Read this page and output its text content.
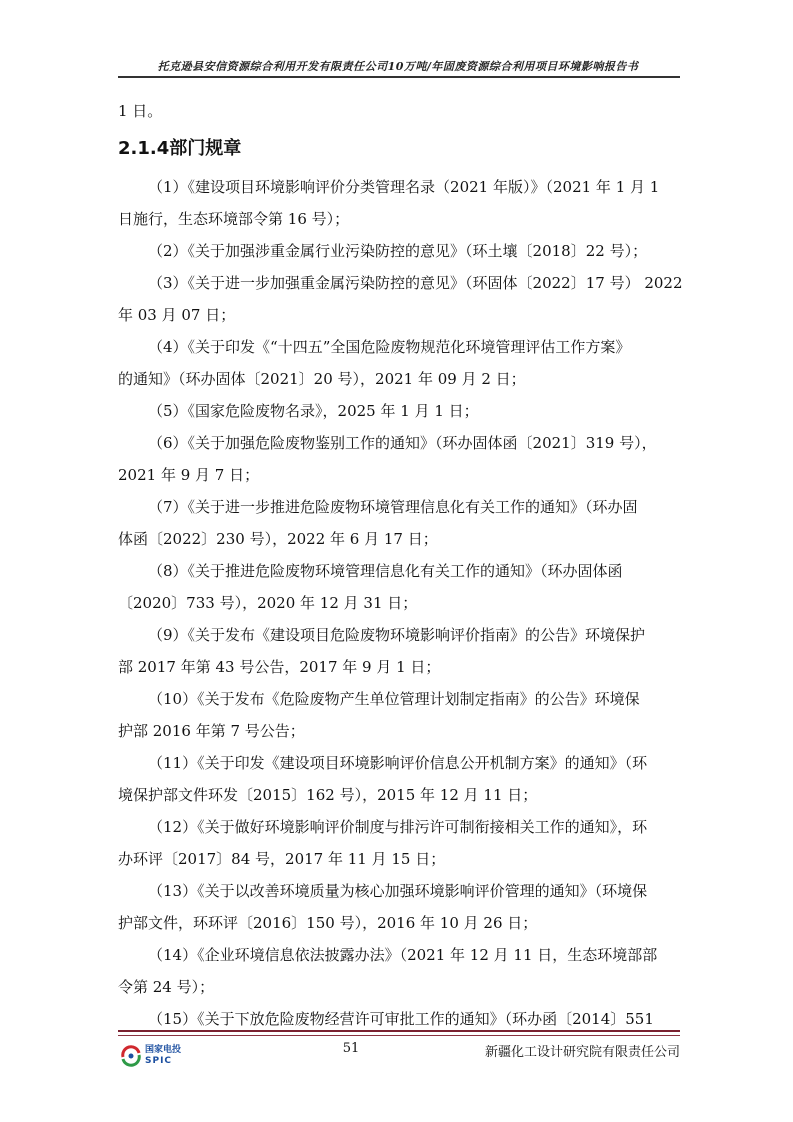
托克逊县安信资源综合利用开发有限责任公司10万吨/年固废资源综合利用项目环境影响报告书
1 日。
2.1.4部门规章
（1）《建设项目环境影响评价分类管理名录（2021 年版）》（2021 年 1 月 1
日施行，生态环境部令第 16 号）；
（2）《关于加强涉重金属行业污染防控的意见》（环土壤〔2018〕22 号）；
（3）《关于进一步加强重金属污染防控的意见》（环固体〔2022〕17 号） 2022
年 03 月 07 日；
（4）《关于印发《“十四五”全国危险废物规范化环境管理评估工作方案》
的通知》（环办固体〔2021〕20 号），2021 年 09 月 2 日；
（5）《国家危险废物名录》，2025 年 1 月 1 日；
（6）《关于加强危险废物鉴别工作的通知》（环办固体函〔2021〕319 号），
2021 年 9 月 7 日；
（7）《关于进一步推进危险废物环境管理信息化有关工作的通知》（环办固
体函〔2022〕230 号），2022 年 6 月 17 日；
（8）《关于推进危险废物环境管理信息化有关工作的通知》（环办固体函
〔2020〕733 号），2020 年 12 月 31 日；
（9）《关于发布《建设项目危险废物环境影响评价指南》的公告》环境保护
部 2017 年第 43 号公告，2017 年 9 月 1 日；
（10）《关于发布《危险废物产生单位管理计划制定指南》的公告》环境保
护部 2016 年第 7 号公告；
（11）《关于印发《建设项目环境影响评价信息公开机制方案》的通知》（环
境保护部文件环发〔2015〕162 号），2015 年 12 月 11 日；
（12）《关于做好环境影响评价制度与排污许可制衔接相关工作的通知》，环
办环评〔2017〕84 号，2017 年 11 月 15 日；
（13）《关于以改善环境质量为核心加强环境影响评价管理的通知》（环境保
护部文件，环环评〔2016〕150 号），2016 年 10 月 26 日；
（14）《企业环境信息依法披露办法》（2021 年 12 月 11 日，生态环境部部
令第 24 号）；
（15）《关于下放危险废物经营许可审批工作的通知》（环办函〔2014〕551
国家电投
SPIC
51	新疆化工设计研究院有限责任公司
